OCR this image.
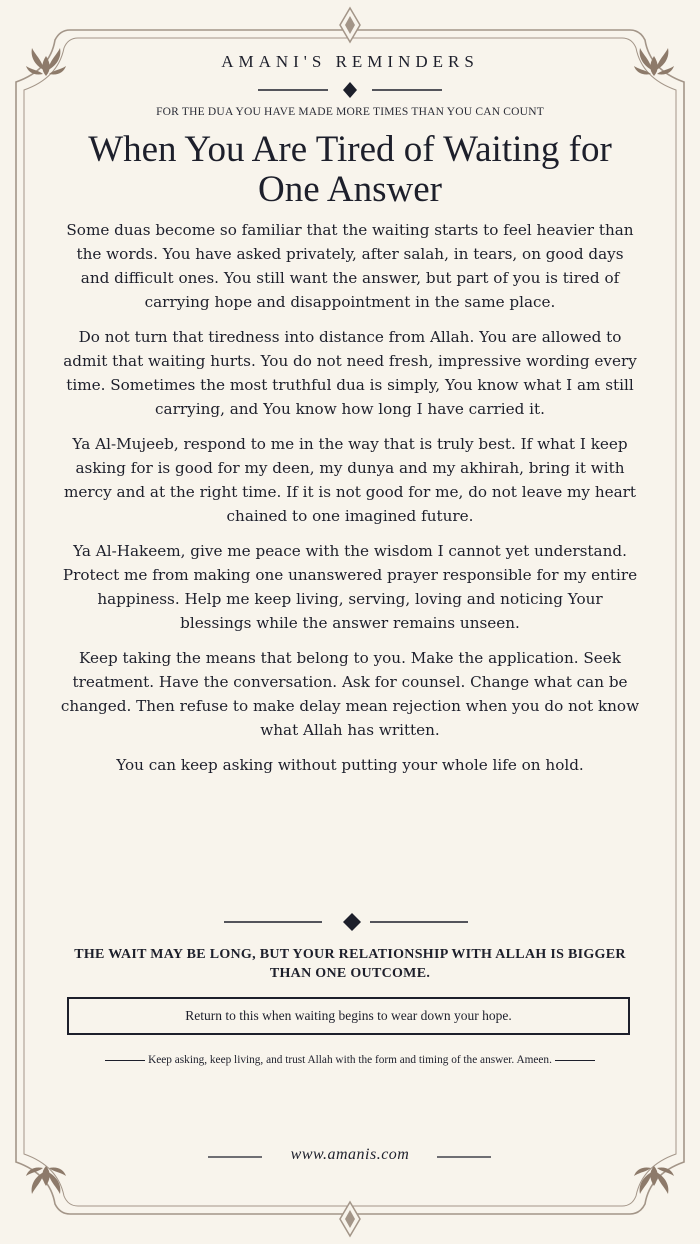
AMANI'S REMINDERS
FOR THE DUA YOU HAVE MADE MORE TIMES THAN YOU CAN COUNT
When You Are Tired of Waiting for One Answer

Some duas become so familiar that the waiting starts to feel heavier than the words. You have asked privately, after salah, in tears, on good days and difficult ones. You still want the answer, but part of you is tired of carrying hope and disappointment in the same place.

Do not turn that tiredness into distance from Allah. You are allowed to admit that waiting hurts. You do not need fresh, impressive wording every time. Sometimes the most truthful dua is simply, You know what I am still carrying, and You know how long I have carried it.

Ya Al-Mujeeb, respond to me in the way that is truly best. If what I keep asking for is good for my deen, my dunya and my akhirah, bring it with mercy and at the right time. If it is not good for me, do not leave my heart chained to one imagined future.

Ya Al-Hakeem, give me peace with the wisdom I cannot yet understand. Protect me from making one unanswered prayer responsible for my entire happiness. Help me keep living, serving, loving and noticing Your blessings while the answer remains unseen.

Keep taking the means that belong to you. Make the application. Seek treatment. Have the conversation. Ask for counsel. Change what can be changed. Then refuse to make delay mean rejection when you do not know what Allah has written.

You can keep asking without putting your whole life on hold.

THE WAIT MAY BE LONG, BUT YOUR RELATIONSHIP WITH ALLAH IS BIGGER THAN ONE OUTCOME.
Return to this when waiting begins to wear down your hope.
Keep asking, keep living, and trust Allah with the form and timing of the answer. Ameen.
www.amanis.com
